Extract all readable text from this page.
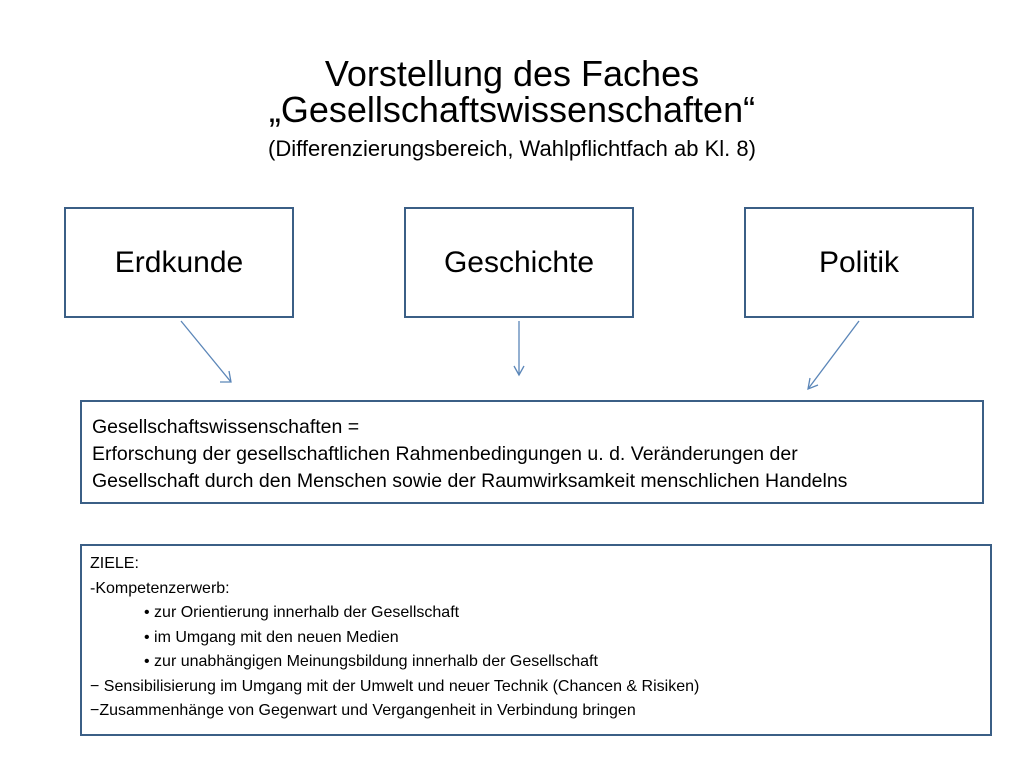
Vorstellung des Faches
„Gesellschaftswissenschaften“
(Differenzierungsbereich, Wahlpflichtfach ab Kl. 8)
Erdkunde	Geschichte	Politik
Gesellschaftswissenschaften =
Erforschung der gesellschaftlichen Rahmenbedingungen u. d. Veränderungen der
Gesellschaft durch den Menschen sowie der Raumwirksamkeit menschlichen Handelns
ZIELE:
-Kompetenzerwerb:
• zur Orientierung innerhalb der Gesellschaft
• im Umgang mit den neuen Medien
• zur unabhängigen Meinungsbildung innerhalb der Gesellschaft
− Sensibilisierung im Umgang mit der Umwelt und neuer Technik (Chancen & Risiken)
−Zusammenhänge von Gegenwart und Vergangenheit in Verbindung bringen
